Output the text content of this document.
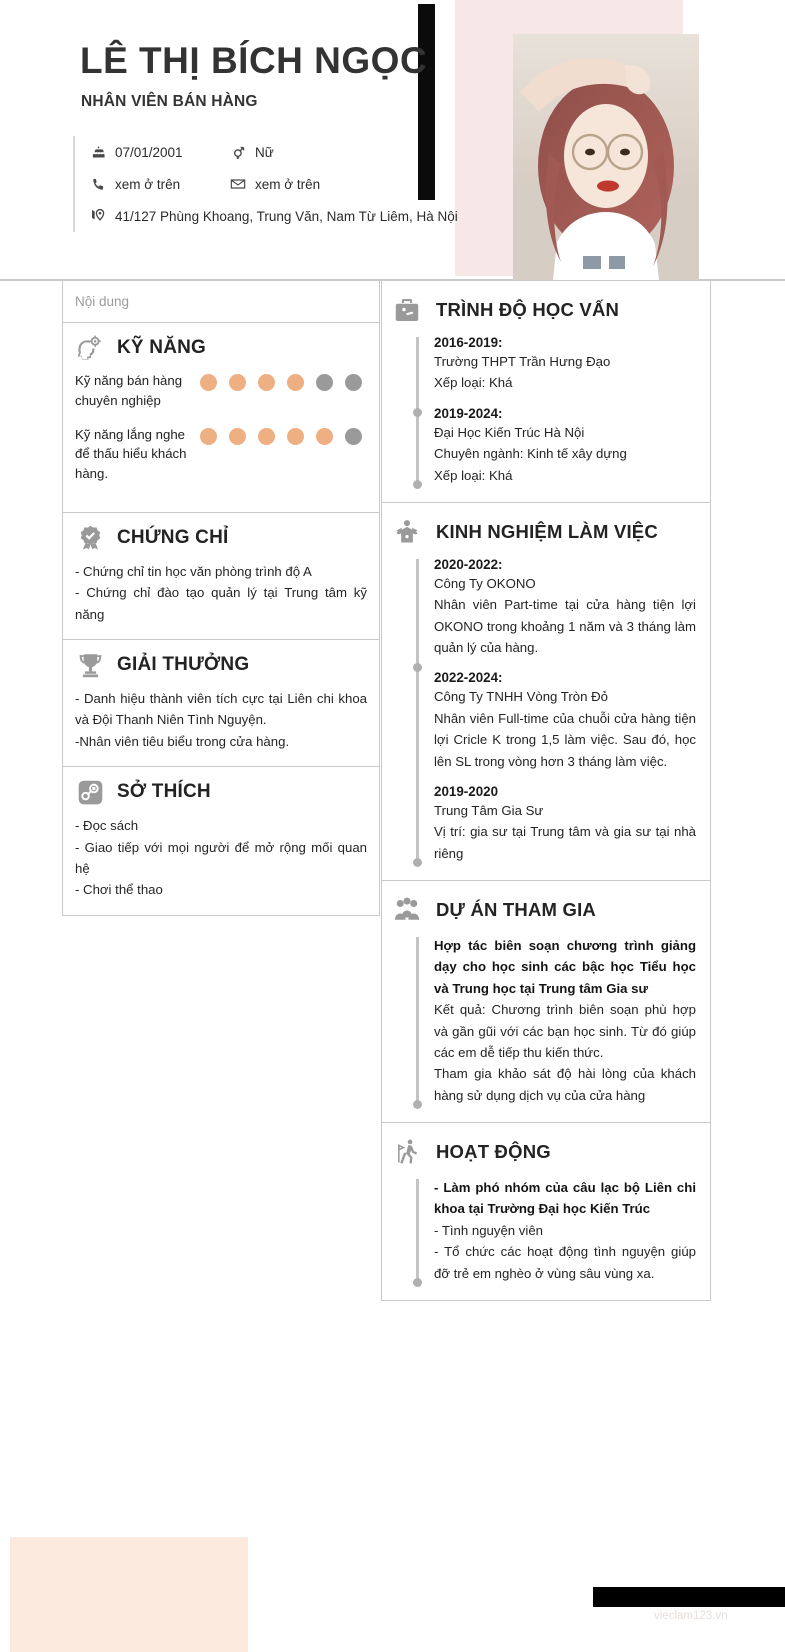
LÊ THỊ BÍCH NGỌC
NHÂN VIÊN BÁN HÀNG
07/01/2001	Nữ
xem ở trên	xem ở trên
41/127 Phùng Khoang, Trung Văn, Nam Từ Liêm, Hà Nội
Nội dung
KỸ NĂNG
Kỹ năng bán hàng chuyên nghiệp
Kỹ năng lắng nghe để thấu hiểu khách hàng.
CHỨNG CHỈ
- Chứng chỉ tin học văn phòng trình độ A
- Chứng chỉ đào tạo quản lý tại Trung tâm kỹ năng
GIẢI THƯỞNG
- Danh hiệu thành viên tích cực tại Liên chi khoa và Đội Thanh Niên Tình Nguyện.
-Nhân viên tiêu biểu trong cửa hàng.
SỞ THÍCH
- Đọc sách
- Giao tiếp với mọi người để mở rộng mối quan hệ
- Chơi thể thao
TRÌNH ĐỘ HỌC VẤN
2016-2019:
Trường THPT Trần Hưng Đạo
Xếp loại: Khá
2019-2024:
Đại Học Kiến Trúc Hà Nội
Chuyên ngành: Kinh tế xây dựng
Xếp loại: Khá
KINH NGHIỆM LÀM VIỆC
2020-2022:
Công Ty OKONO
Nhân viên Part-time tại cửa hàng tiện lợi OKONO trong khoảng 1 năm và 3 tháng làm quản lý của hàng.
2022-2024:
Công Ty TNHH Vòng Tròn Đỏ
Nhân viên Full-time của chuỗi cửa hàng tiện lợi Cricle K trong 1,5 làm việc. Sau đó, học lên SL trong vòng hơn 3 tháng làm việc.
2019-2020
Trung Tâm Gia Sư
Vị trí: gia sư tại Trung tâm và gia sư tại nhà riêng
DỰ ÁN THAM GIA
Hợp tác biên soạn chương trình giảng dạy cho học sinh các bậc học Tiểu học và Trung học tại Trung tâm Gia sư
Kết quả: Chương trình biên soạn phù hợp và gần gũi với các bạn học sinh. Từ đó giúp các em dễ tiếp thu kiến thức.
Tham gia khảo sát độ hài lòng của khách hàng sử dụng dịch vụ của cửa hàng
HOẠT ĐỘNG
- Làm phó nhóm của câu lạc bộ Liên chi khoa tại Trường Đại học Kiến Trúc
- Tình nguyện viên
- Tổ chức các hoạt động tình nguyện giúp đỡ trẻ em nghèo ở vùng sâu vùng xa.
vieclam123.vn
